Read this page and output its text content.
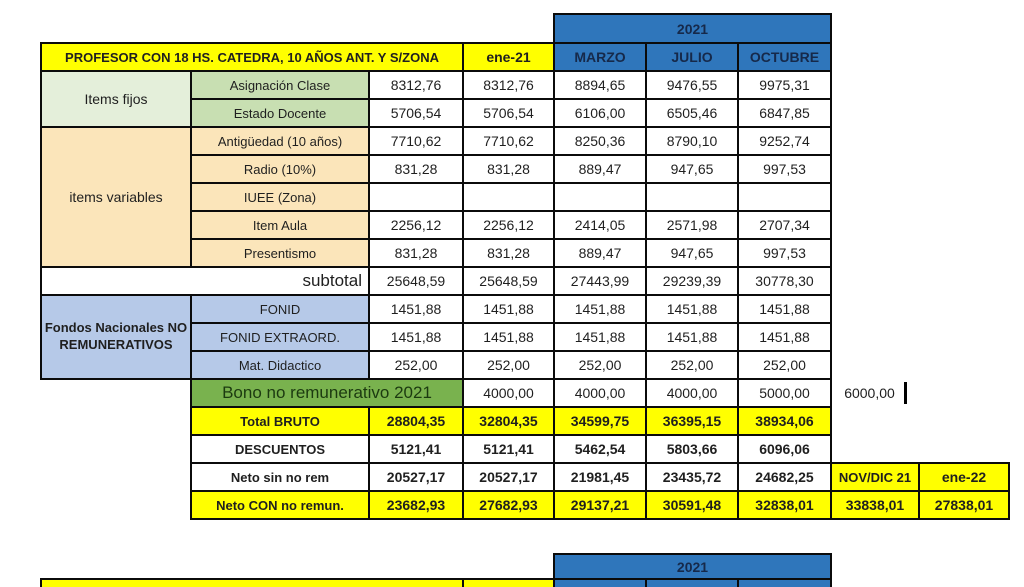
				2021				
PROFESOR CON 18 HS. CATEDRA, 10 AÑOS ANT. Y S/ZONA			ene-21	MARZO	JULIO	OCTUBRE		
Items fijos	Asignación Clase	8312,76	8312,76	8894,65	9476,55	9975,31		
	Estado Docente	5706,54	5706,54	6106,00	6505,46	6847,85		
items variables	Antigüedad (10 años)	7710,62	7710,62	8250,36	8790,10	9252,74		
	Radio (10%)	831,28	831,28	889,47	947,65	997,53		
	IUEE (Zona)							
	Item Aula	2256,12	2256,12	2414,05	2571,98	2707,34		
	Presentismo	831,28	831,28	889,47	947,65	997,53		
subtotal		25648,59	25648,59	27443,99	29239,39	30778,30		
Fondos Nacionales NO REMUNERATIVOS	FONID	1451,88	1451,88	1451,88	1451,88	1451,88		
	FONID EXTRAORD.	1451,88	1451,88	1451,88	1451,88	1451,88		
	Mat. Didactico	252,00	252,00	252,00	252,00	252,00		
	Bono no remunerativo 2021		4000,00	4000,00	4000,00	5000,00	6000,00	

	Total BRUTO	28804,35	32804,35	34599,75	36395,15	38934,06		
	DESCUENTOS	5121,41	5121,41	5462,54	5803,66	6096,06		
	Neto sin no rem	20527,17	20527,17	21981,45	23435,72	24682,25	NOV/DIC 21	ene-22
	Neto CON no remun.	23682,93	27682,93	29137,21	30591,48	32838,01	33838,01	27838,01
2021
